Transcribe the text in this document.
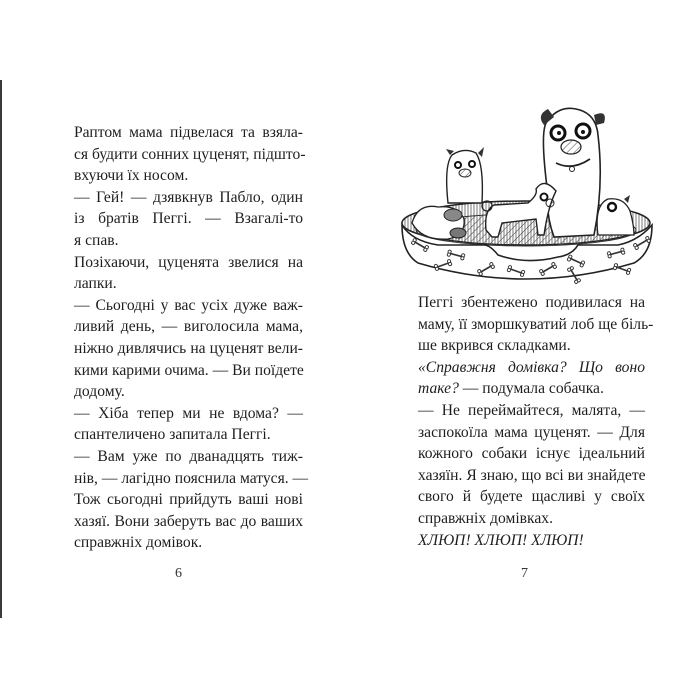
Раптом мама підвелася та взяла-
ся будити сонних цуценят, підшто-
вхуючи їх носом.

— Гей! — дзявкнув Пабло, один
із братів Пеггі. — Взагалі-то
я спав.

Позіхаючи, цуценята звелися на
лапки.

— Сьогодні у вас усіх дуже важ-
ливий день, — виголосила мама,
ніжно дивлячись на цуценят вели-
кими карими очима. — Ви поїдете
додому.

— Хіба тепер ми не вдома? —
спантеличено запитала Пеггі.

— Вам уже по дванадцять тиж-
нів, — лагідно пояснила матуся. —
Тож сьогодні прийдуть ваші нові
хазяї. Вони заберуть вас до ваших
справжніх домівок.

6

Пеггі збентежено подивилася на
маму, її зморшкуватий лоб ще біль-
ше вкрився складками.

«Справжня домівка? Що воно
таке? — подумала собачка.

— Не переймайтеся, малята, —
заспокоїла мама цуценят. — Для
кожного собаки існує ідеальний
хазяїн. Я знаю, що всі ви знайдете
свого й будете щасливі у своїх
справжніх домівках.

ХЛЮП! ХЛЮП! ХЛЮП!

7
